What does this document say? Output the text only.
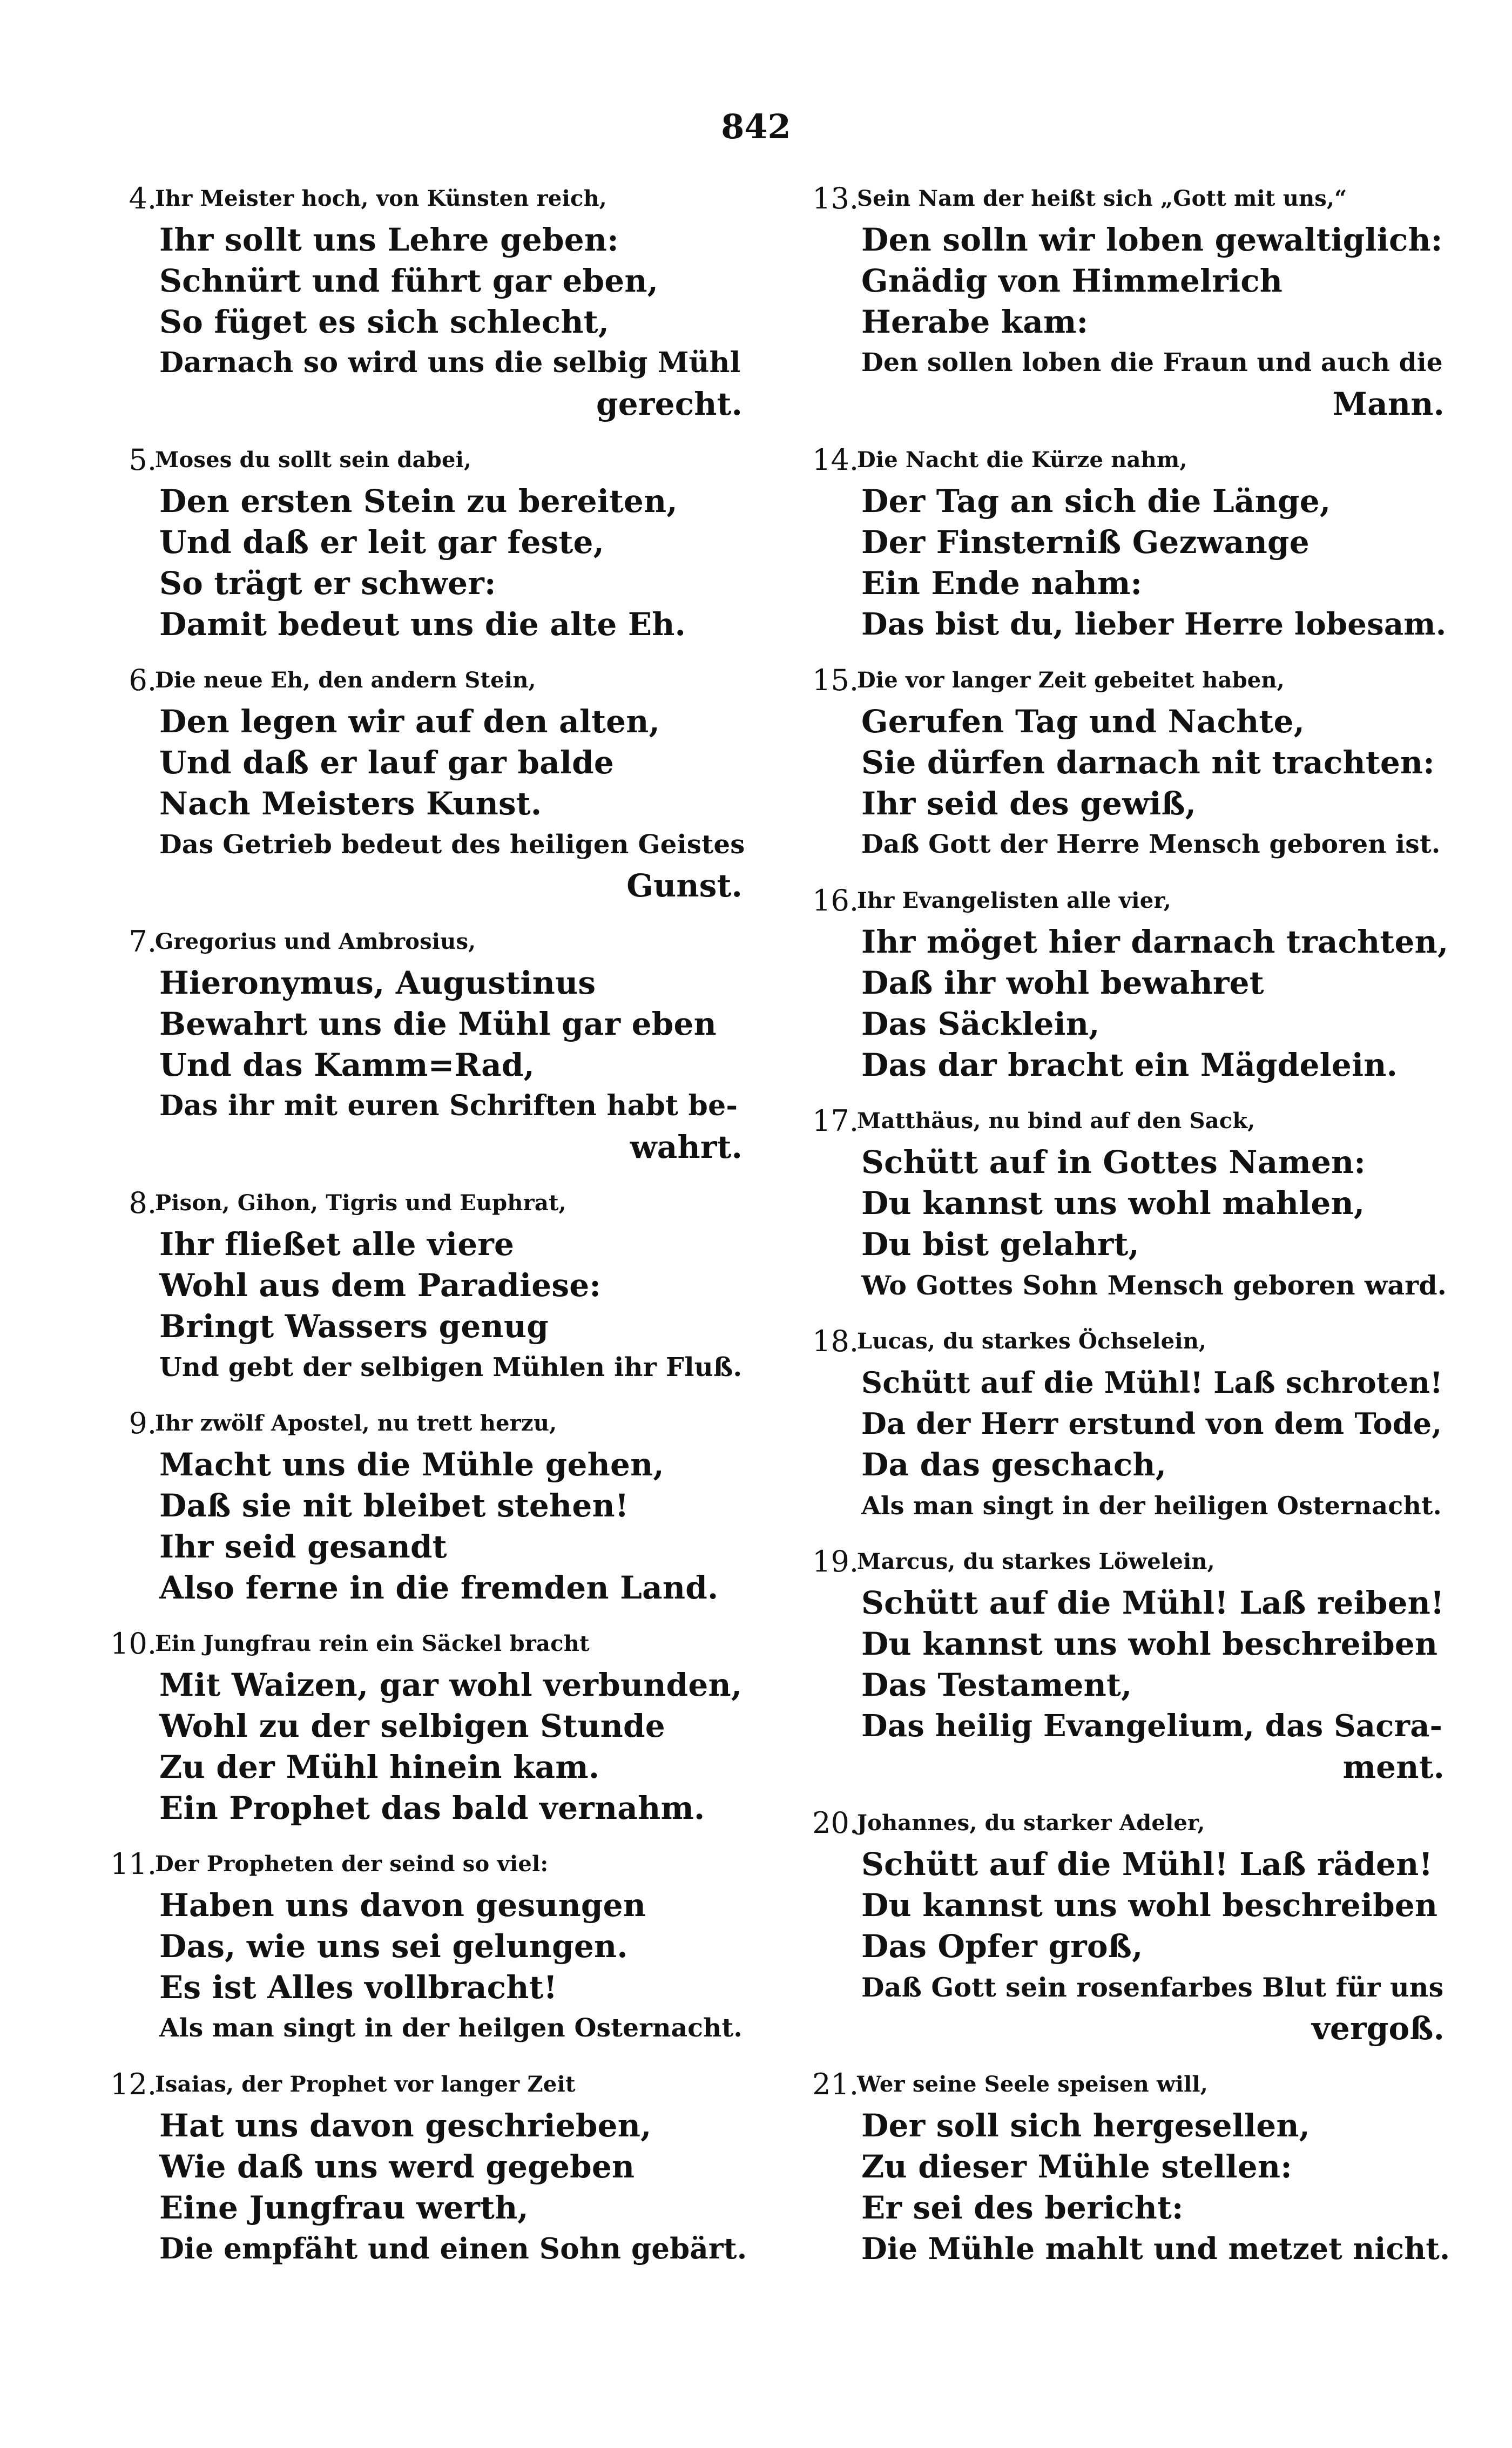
842
4.
Ihr Meister hoch, von Künsten reich,
Ihr sollt uns Lehre geben:
Schnürt und führt gar eben,
So füget es sich schlecht,
Darnach so wird uns die selbig Mühl
gerecht.
5.
Moses du sollt sein dabei,
Den ersten Stein zu bereiten,
Und daß er leit gar feste,
So trägt er schwer:
Damit bedeut uns die alte Eh.
6.
Die neue Eh, den andern Stein,
Den legen wir auf den alten,
Und daß er lauf gar balde
Nach Meisters Kunst.
Das Getrieb bedeut des heiligen Geistes
Gunst.
7.
Gregorius und Ambrosius,
Hieronymus, Augustinus
Bewahrt uns die Mühl gar eben
Und das Kamm=Rad,
Das ihr mit euren Schriften habt be-
wahrt.
8.
Pison, Gihon, Tigris und Euphrat,
Ihr fließet alle viere
Wohl aus dem Paradiese:
Bringt Wassers genug
Und gebt der selbigen Mühlen ihr Fluß.
9.
Ihr zwölf Apostel, nu trett herzu,
Macht uns die Mühle gehen,
Daß sie nit bleibet stehen!
Ihr seid gesandt
Also ferne in die fremden Land.
10.
Ein Jungfrau rein ein Säckel bracht
Mit Waizen, gar wohl verbunden,
Wohl zu der selbigen Stunde
Zu der Mühl hinein kam.
Ein Prophet das bald vernahm.
11.
Der Propheten der seind so viel:
Haben uns davon gesungen
Das, wie uns sei gelungen.
Es ist Alles vollbracht!
Als man singt in der heilgen Osternacht.
12.
Isaias, der Prophet vor langer Zeit
Hat uns davon geschrieben,
Wie daß uns werd gegeben
Eine Jungfrau werth,
Die empfäht und einen Sohn gebärt.
13.
Sein Nam der heißt sich „Gott mit uns,“
Den solln wir loben gewaltiglich:
Gnädig von Himmelrich
Herabe kam:
Den sollen loben die Fraun und auch die
Mann.
14.
Die Nacht die Kürze nahm,
Der Tag an sich die Länge,
Der Finsterniß Gezwange
Ein Ende nahm:
Das bist du, lieber Herre lobesam.
15.
Die vor langer Zeit gebeitet haben,
Gerufen Tag und Nachte,
Sie dürfen darnach nit trachten:
Ihr seid des gewiß,
Daß Gott der Herre Mensch geboren ist.
16.
Ihr Evangelisten alle vier,
Ihr möget hier darnach trachten,
Daß ihr wohl bewahret
Das Säcklein,
Das dar bracht ein Mägdelein.
17.
Matthäus, nu bind auf den Sack,
Schütt auf in Gottes Namen:
Du kannst uns wohl mahlen,
Du bist gelahrt,
Wo Gottes Sohn Mensch geboren ward.
18.
Lucas, du starkes Öchselein,
Schütt auf die Mühl! Laß schroten!
Da der Herr erstund von dem Tode,
Da das geschach,
Als man singt in der heiligen Osternacht.
19.
Marcus, du starkes Löwelein,
Schütt auf die Mühl! Laß reiben!
Du kannst uns wohl beschreiben
Das Testament,
Das heilig Evangelium, das Sacra-
ment.
20.
Johannes, du starker Adeler,
Schütt auf die Mühl! Laß räden!
Du kannst uns wohl beschreiben
Das Opfer groß,
Daß Gott sein rosenfarbes Blut für uns
vergoß.
21.
Wer seine Seele speisen will,
Der soll sich hergesellen,
Zu dieser Mühle stellen:
Er sei des bericht:
Die Mühle mahlt und metzet nicht.
